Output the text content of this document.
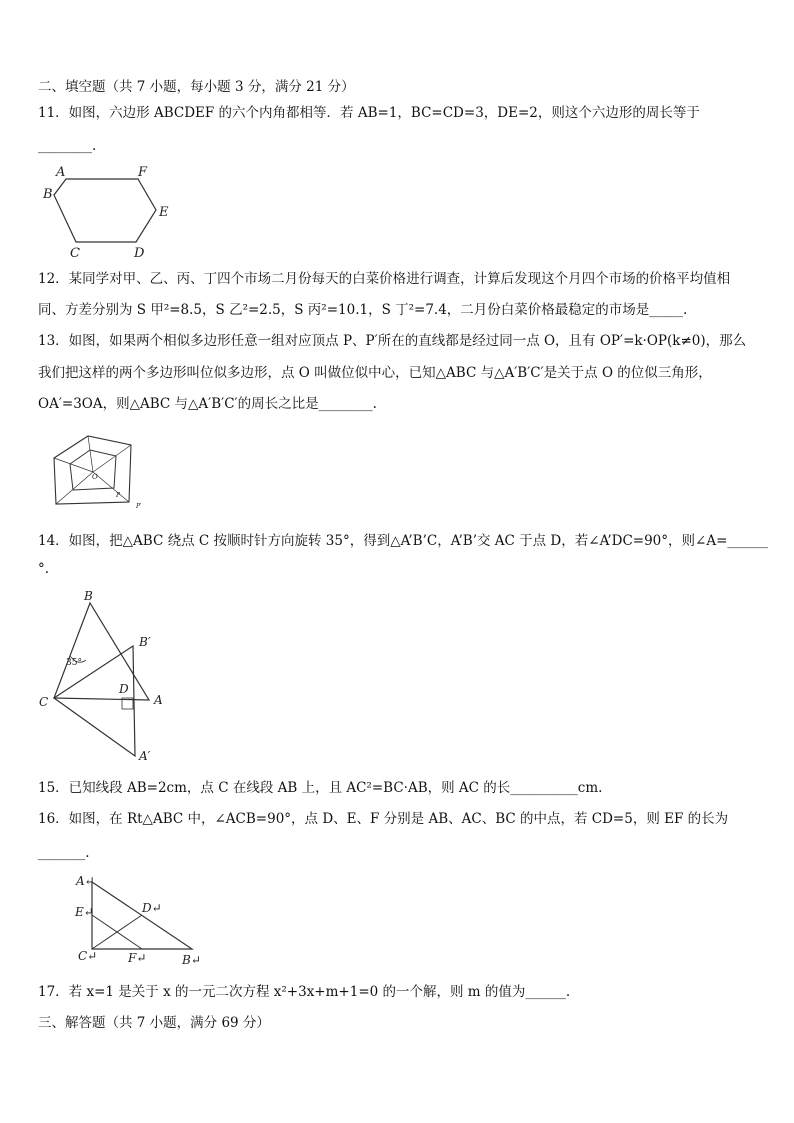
二、填空题（共 7 小题，每小题 3 分，满分 21 分）
11．如图，六边形 ABCDEF 的六个内角都相等．若 AB=1，BC=CD=3，DE=2，则这个六边形的周长等于
________.
A	F
B
E
C	D
12．某同学对甲、乙、丙、丁四个市场二月份每天的白菜价格进行调查，计算后发现这个月四个市场的价格平均值相
同、方差分别为 S 甲²=8.5，S 乙²=2.5，S 丙²=10.1，S 丁²=7.4，二月份白菜价格最稳定的市场是_____.
13．如图，如果两个相似多边形任意一组对应顶点 P、P′所在的直线都是经过同一点 O，且有 OP′=k·OP(k≠0)，那么
我们把这样的两个多边形叫位似多边形，点 O 叫做位似中心，已知△ABC 与△A′B′C′是关于点 O 的位似三角形，
OA′=3OA，则△ABC 与△A′B′C′的周长之比是________.
O
P
P′
14．如图，把△ABC 绕点 C 按顺时针方向旋转 35°，得到△A’B’C，A’B’交 AC 于点 D，若∠A’DC=90°，则∠A=______
°.
B
B′
35°
D
C	A
A′
15．已知线段 AB=2cm，点 C 在线段 AB 上，且 AC²=BC·AB，则 AC 的长__________cm.
16．如图，在 Rt△ABC 中，∠ACB=90°，点 D、E、F 分别是 AB、AC、BC 的中点，若 CD=5，则 EF 的长为
_______.
A↵
E↵	D↵
C↵	F↵	B↵
17．若 x=1 是关于 x 的一元二次方程 x²+3x+m+1=0 的一个解，则 m 的值为______.
三、解答题（共 7 小题，满分 69 分）
